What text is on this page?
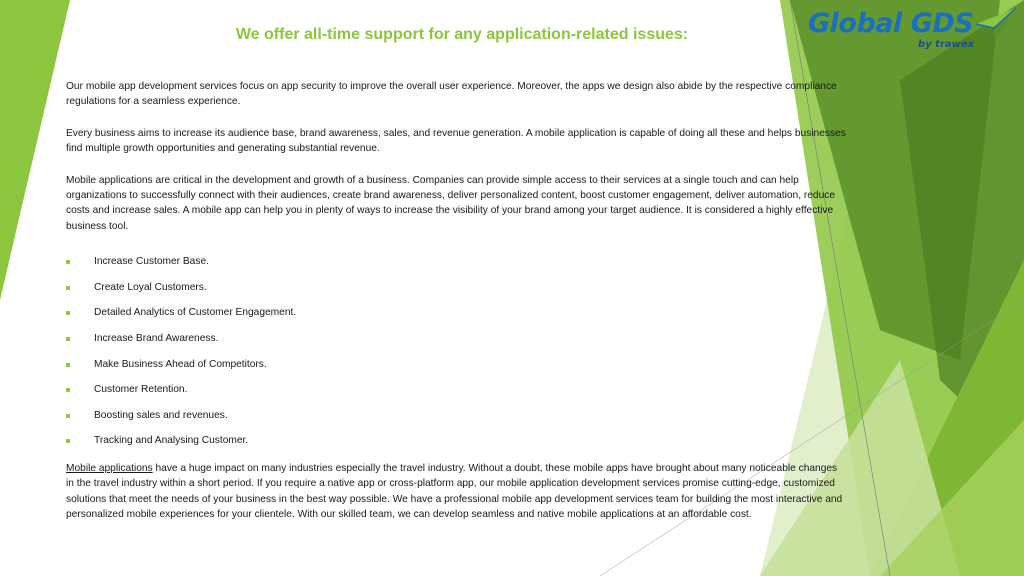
Global GDS
by trawex
We offer all-time support for any application-related issues:

Our mobile app development services focus on app security to improve the overall user experience. Moreover, the apps we design also abide by the respective compliance regulations for a seamless experience.

Every business aims to increase its audience base, brand awareness, sales, and revenue generation. A mobile application is capable of doing all these and helps businesses find multiple growth opportunities and generating substantial revenue.

Mobile applications are critical in the development and growth of a business. Companies can provide simple access to their services at a single touch and can help organizations to successfully connect with their audiences, create brand awareness, deliver personalized content, boost customer engagement, deliver automation, reduce costs and increase sales. A mobile app can help you in plenty of ways to increase the visibility of your brand among your target audience. It is considered a highly effective business tool.

Increase Customer Base.
Create Loyal Customers.
Detailed Analytics of Customer Engagement.
Increase Brand Awareness.
Make Business Ahead of Competitors.
Customer Retention.
Boosting sales and revenues.
Tracking and Analysing Customer.

Mobile applications have a huge impact on many industries especially the travel industry. Without a doubt, these mobile apps have brought about many noticeable changes in the travel industry within a short period. If you require a native app or cross-platform app, our mobile application development services promise cutting-edge, customized solutions that meet the needs of your business in the best way possible. We have a professional mobile app development services team for building the most interactive and personalized mobile experiences for your clientele. With our skilled team, we can develop seamless and native mobile applications at an affordable cost.
